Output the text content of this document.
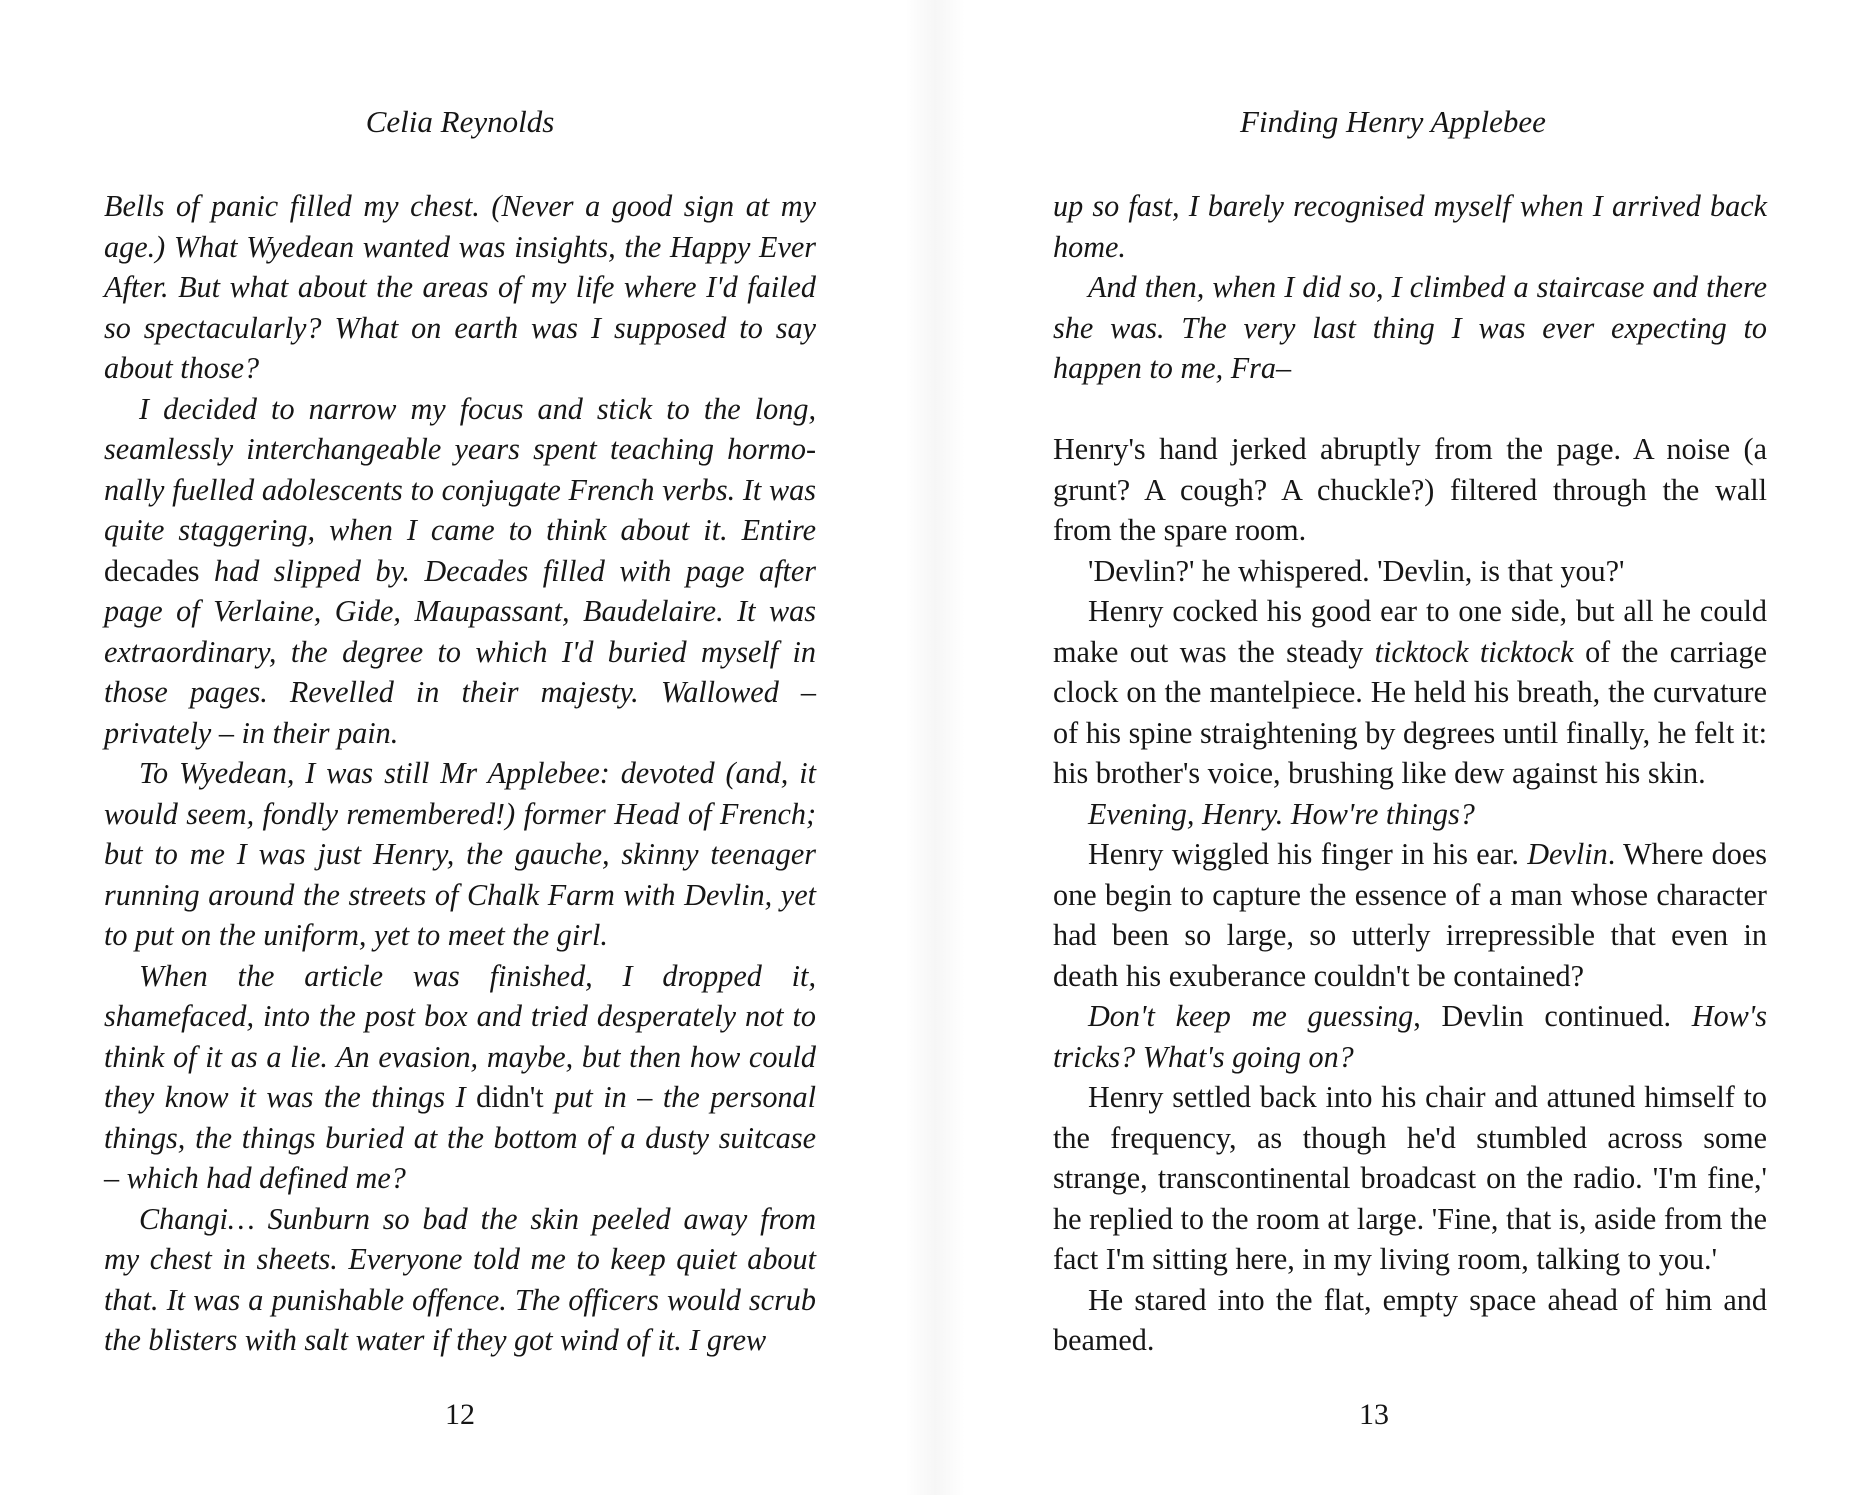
Celia Reynolds

Bells of panic filled my chest. (Never a good sign at my age.) What Wyedean wanted was insights, the Happy Ever After. But what about the areas of my life where I'd failed so spectacularly? What on earth was I supposed to say about those?

I decided to narrow my focus and stick to the long, seamlessly interchangeable years spent teaching hormonally fuelled adolescents to conjugate French verbs. It was quite staggering, when I came to think about it. Entire decades had slipped by. Decades filled with page after page of Verlaine, Gide, Maupassant, Baudelaire. It was extraordinary, the degree to which I'd buried myself in those pages. Revelled in their majesty. Wallowed – privately – in their pain.

To Wyedean, I was still Mr Applebee: devoted (and, it would seem, fondly remembered!) former Head of French; but to me I was just Henry, the gauche, skinny teenager running around the streets of Chalk Farm with Devlin, yet to put on the uniform, yet to meet the girl.

When the article was finished, I dropped it, shamefaced, into the post box and tried desperately not to think of it as a lie. An evasion, maybe, but then how could they know it was the things I didn't put in – the personal things, the things buried at the bottom of a dusty suitcase – which had defined me?

Changi… Sunburn so bad the skin peeled away from my chest in sheets. Everyone told me to keep quiet about that. It was a punishable offence. The officers would scrub the blisters with salt water if they got wind of it. I grew

12
Finding Henry Applebee

up so fast, I barely recognised myself when I arrived back home.

And then, when I did so, I climbed a staircase and there she was. The very last thing I was ever expecting to happen to me, Fra–

Henry's hand jerked abruptly from the page. A noise (a grunt? A cough? A chuckle?) filtered through the wall from the spare room.

'Devlin?' he whispered. 'Devlin, is that you?'

Henry cocked his good ear to one side, but all he could make out was the steady ticktock ticktock of the carriage clock on the mantelpiece. He held his breath, the curvature of his spine straightening by degrees until finally, he felt it: his brother's voice, brushing like dew against his skin.

Evening, Henry. How're things?

Henry wiggled his finger in his ear. Devlin. Where does one begin to capture the essence of a man whose character had been so large, so utterly irrepressible that even in death his exuberance couldn't be contained?

Don't keep me guessing, Devlin continued. How's tricks? What's going on?

Henry settled back into his chair and attuned himself to the frequency, as though he'd stumbled across some strange, transcontinental broadcast on the radio. 'I'm fine,' he replied to the room at large. 'Fine, that is, aside from the fact I'm sitting here, in my living room, talking to you.'

He stared into the flat, empty space ahead of him and beamed.

13
